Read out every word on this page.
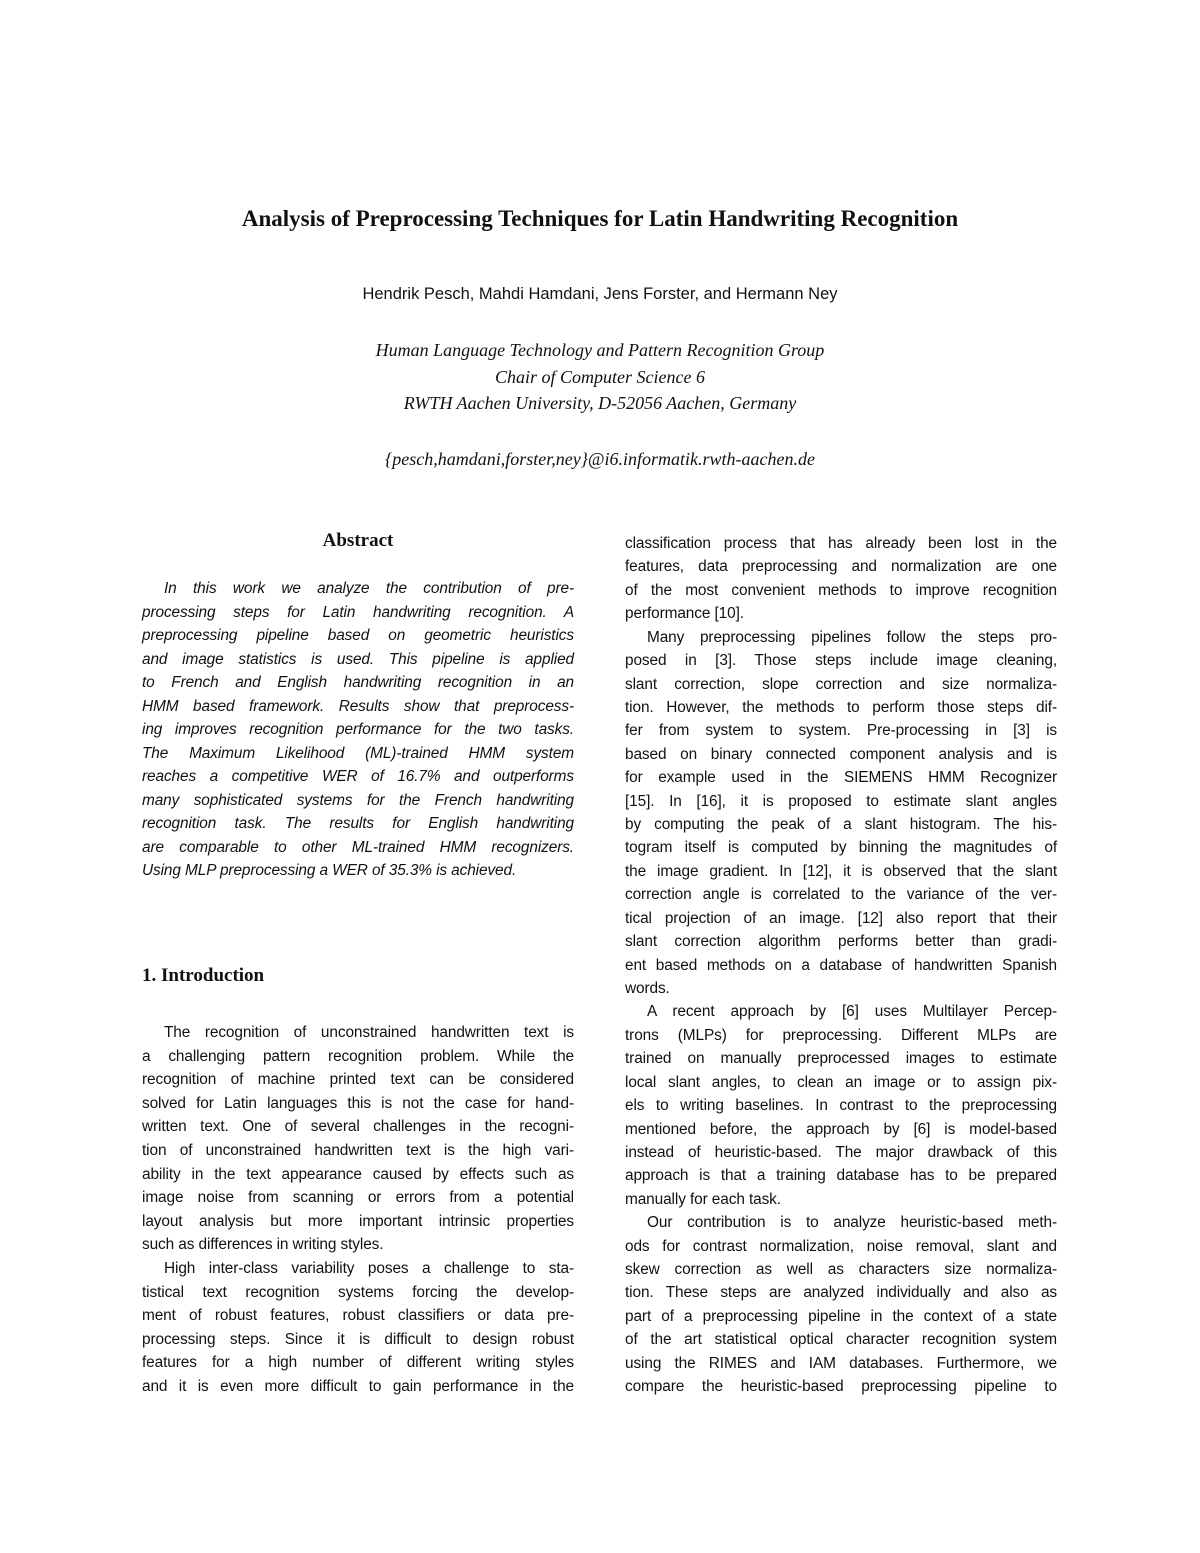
Analysis of Preprocessing Techniques for Latin Handwriting Recognition
Hendrik Pesch, Mahdi Hamdani, Jens Forster, and Hermann Ney
Human Language Technology and Pattern Recognition Group
Chair of Computer Science 6
RWTH Aachen University, D-52056 Aachen, Germany
{pesch,hamdani,forster,ney}@i6.informatik.rwth-aachen.de
Abstract
In this work we analyze the contribution of pre-
processing steps for Latin handwriting recognition. A
preprocessing pipeline based on geometric heuristics
and image statistics is used. This pipeline is applied
to French and English handwriting recognition in an
HMM based framework. Results show that preprocess-
ing improves recognition performance for the two tasks.
The Maximum Likelihood (ML)-trained HMM system
reaches a competitive WER of 16.7% and outperforms
many sophisticated systems for the French handwriting
recognition task. The results for English handwriting
are comparable to other ML-trained HMM recognizers.
Using MLP preprocessing a WER of 35.3% is achieved.
1. Introduction
The recognition of unconstrained handwritten text is
a challenging pattern recognition problem. While the
recognition of machine printed text can be considered
solved for Latin languages this is not the case for hand-
written text. One of several challenges in the recogni-
tion of unconstrained handwritten text is the high vari-
ability in the text appearance caused by effects such as
image noise from scanning or errors from a potential
layout analysis but more important intrinsic properties
such as differences in writing styles.
High inter-class variability poses a challenge to sta-
tistical text recognition systems forcing the develop-
ment of robust features, robust classifiers or data pre-
processing steps. Since it is difficult to design robust
features for a high number of different writing styles
and it is even more difficult to gain performance in the
classification process that has already been lost in the
features, data preprocessing and normalization are one
of the most convenient methods to improve recognition
performance [10].
Many preprocessing pipelines follow the steps pro-
posed in [3]. Those steps include image cleaning,
slant correction, slope correction and size normaliza-
tion. However, the methods to perform those steps dif-
fer from system to system. Pre-processing in [3] is
based on binary connected component analysis and is
for example used in the SIEMENS HMM Recognizer
[15]. In [16], it is proposed to estimate slant angles
by computing the peak of a slant histogram. The his-
togram itself is computed by binning the magnitudes of
the image gradient. In [12], it is observed that the slant
correction angle is correlated to the variance of the ver-
tical projection of an image. [12] also report that their
slant correction algorithm performs better than gradi-
ent based methods on a database of handwritten Spanish
words.
A recent approach by [6] uses Multilayer Percep-
trons (MLPs) for preprocessing. Different MLPs are
trained on manually preprocessed images to estimate
local slant angles, to clean an image or to assign pix-
els to writing baselines. In contrast to the preprocessing
mentioned before, the approach by [6] is model-based
instead of heuristic-based. The major drawback of this
approach is that a training database has to be prepared
manually for each task.
Our contribution is to analyze heuristic-based meth-
ods for contrast normalization, noise removal, slant and
skew correction as well as characters size normaliza-
tion. These steps are analyzed individually and also as
part of a preprocessing pipeline in the context of a state
of the art statistical optical character recognition system
using the RIMES and IAM databases. Furthermore, we
compare the heuristic-based preprocessing pipeline to
